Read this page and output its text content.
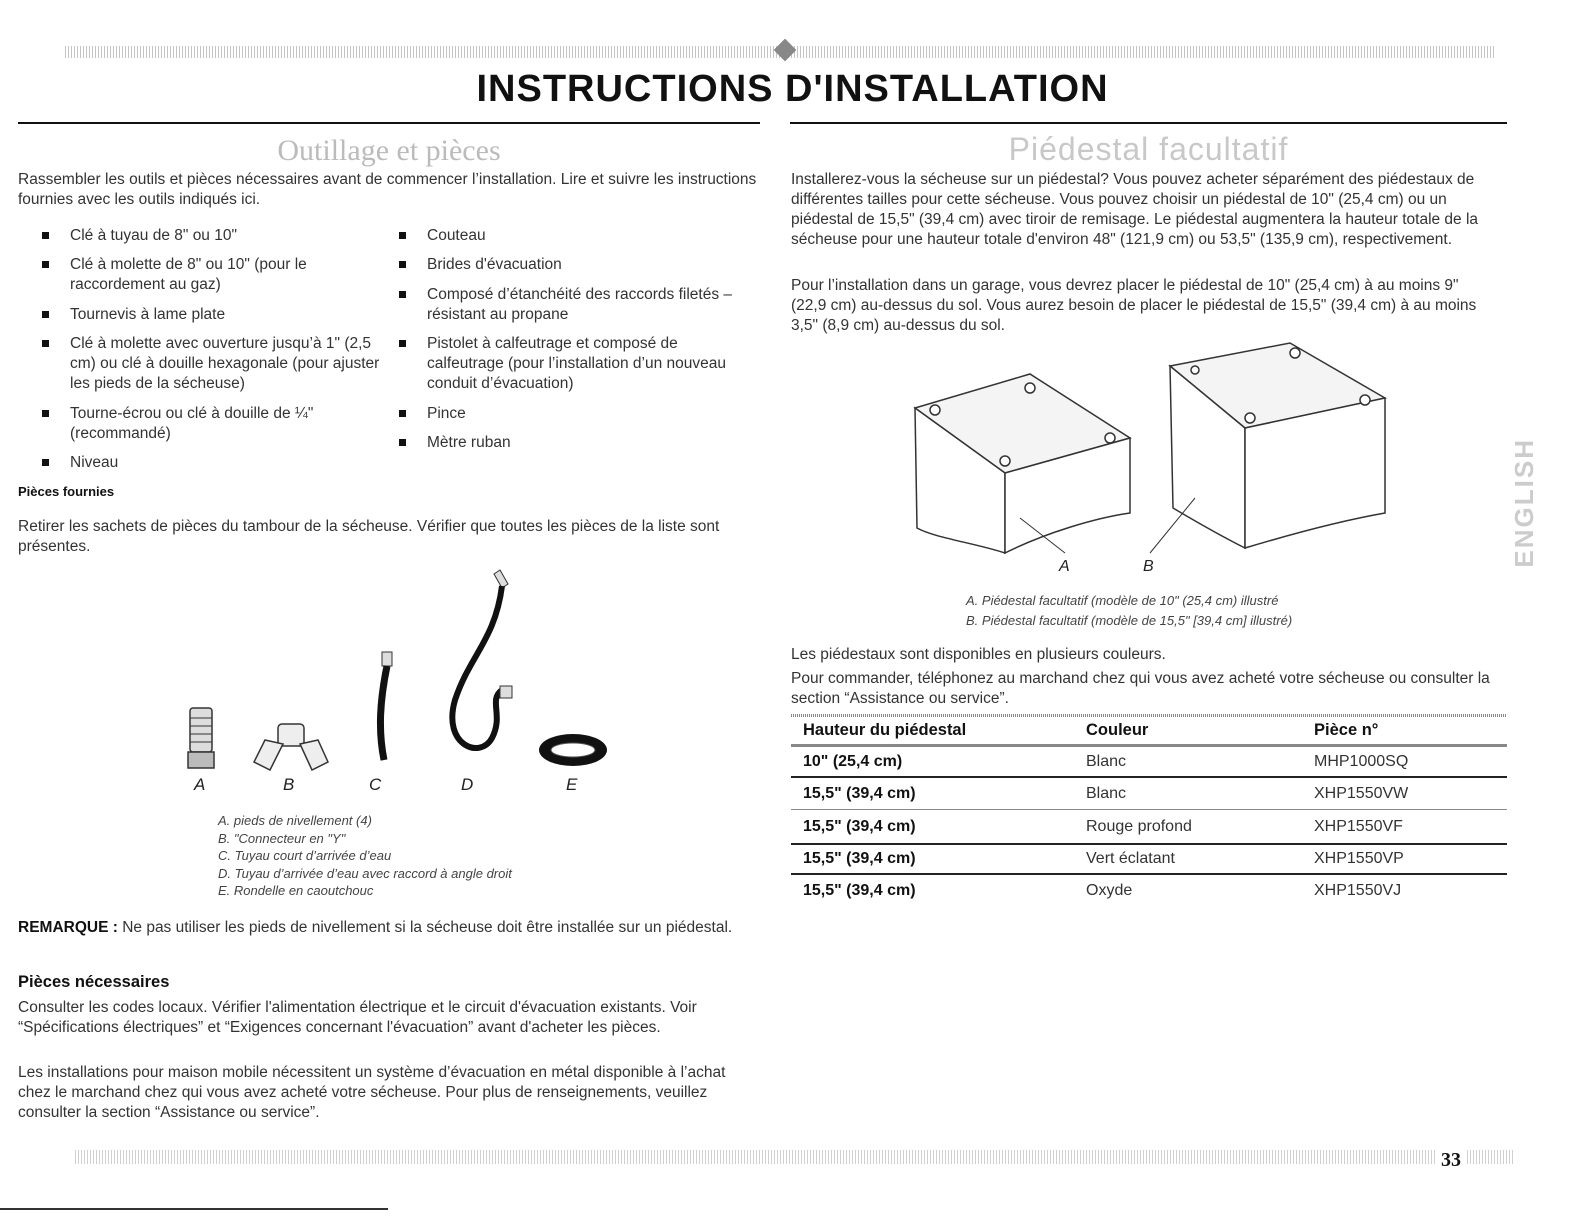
INSTRUCTIONS D'INSTALLATION
Outillage et pièces
Rassembler les outils et pièces nécessaires avant de commencer l’installation. Lire et suivre les instructions fournies avec les outils indiqués ici.
Clé à tuyau de 8" ou 10"
Clé à molette de 8" ou 10" (pour le raccordement au gaz)
Tournevis à lame plate
Clé à molette avec ouverture jusqu’à 1" (2,5 cm) ou clé à douille hexagonale (pour ajuster les pieds de la sécheuse)
Tourne-écrou ou clé à douille de ¼" (recommandé)
Niveau
Couteau
Brides d'évacuation
Composé d’étanchéité des raccords filetés – résistant au propane
Pistolet à calfeutrage et composé de calfeutrage (pour l’installation d’un nouveau conduit d’évacuation)
Pince
Mètre ruban
Pièces fournies
Retirer les sachets de pièces du tambour de la sécheuse. Vérifier que toutes les pièces de la liste sont présentes.
A	B	C	D	E
A. pieds de nivellement (4)
B. "Connecteur en "Y"
C. Tuyau court d’arrivée d’eau
D. Tuyau d’arrivée d’eau avec raccord à angle droit
E. Rondelle en caoutchouc
REMARQUE : Ne pas utiliser les pieds de nivellement si la sécheuse doit être installée sur un piédestal.
Pièces nécessaires
Consulter les codes locaux. Vérifier l'alimentation électrique et le circuit d'évacuation existants. Voir “Spécifications électriques” et “Exigences concernant l'évacuation” avant d'acheter les pièces.
Les installations pour maison mobile nécessitent un système d’évacuation en métal disponible à l’achat chez le marchand chez qui vous avez acheté votre sécheuse. Pour plus de renseignements, veuillez consulter la section “Assistance ou service”.
Piédestal facultatif
Installerez-vous la sécheuse sur un piédestal? Vous pouvez acheter séparément des piédestaux de différentes tailles pour cette sécheuse. Vous pouvez choisir un piédestal de 10" (25,4 cm) ou un piédestal de 15,5" (39,4 cm) avec tiroir de remisage. Le piédestal augmentera la hauteur totale de la sécheuse pour une hauteur totale d'environ 48" (121,9 cm) ou 53,5" (135,9 cm), respectivement.
Pour l’installation dans un garage, vous devrez placer le piédestal de 10" (25,4 cm) à au moins 9" (22,9 cm) au-dessus du sol. Vous aurez besoin de placer le piédestal de 15,5" (39,4 cm) à au moins 3,5" (8,9 cm) au-dessus du sol.
A	B
A. Piédestal facultatif (modèle de 10" (25,4 cm) illustré
B. Piédestal facultatif (modèle de 15,5" [39,4 cm] illustré)
Les piédestaux sont disponibles en plusieurs couleurs.
Pour commander, téléphonez au marchand chez qui vous avez acheté votre sécheuse ou consulter la section “Assistance ou service”.
Hauteur du piédestal	Couleur	Pièce n°
10" (25,4 cm)	Blanc	MHP1000SQ
15,5" (39,4 cm)	Blanc	XHP1550VW
15,5" (39,4 cm)	Rouge profond	XHP1550VF
15,5" (39,4 cm)	Vert éclatant	XHP1550VP
15,5" (39,4 cm)	Oxyde	XHP1550VJ
ENGLISH
33
